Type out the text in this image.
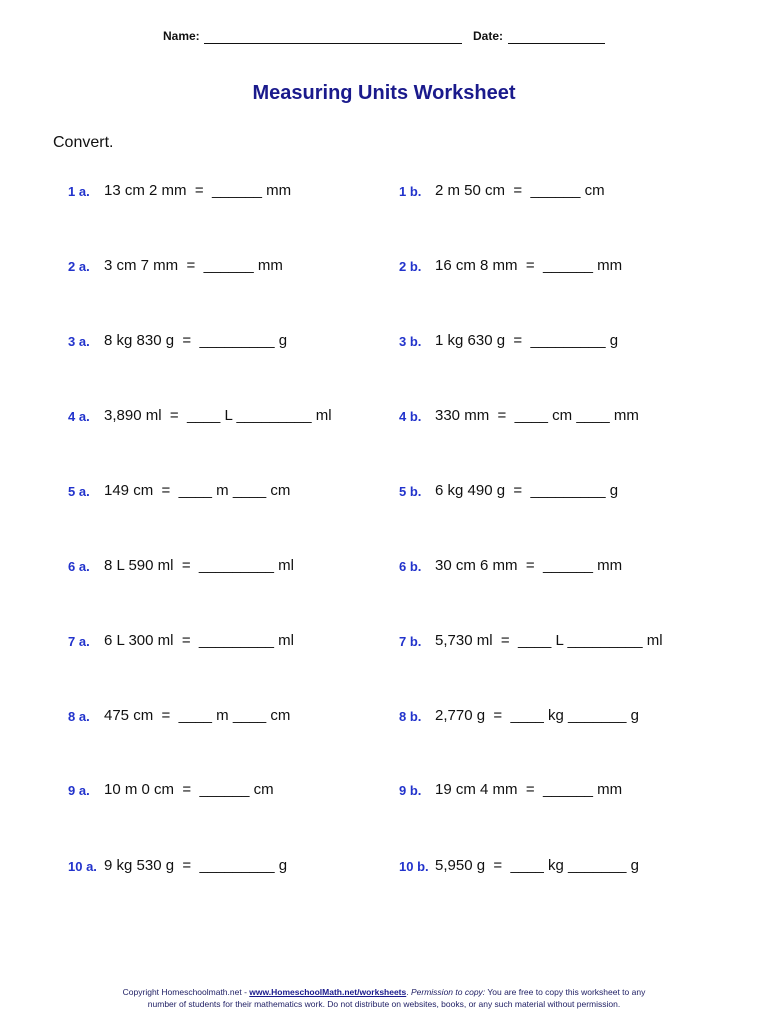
Name:	Date:
Measuring Units Worksheet
Convert.
1 a. 13 cm 2 mm  =  ______ mm	1 b. 2 m 50 cm  =  ______ cm
2 a. 3 cm 7 mm  =  ______ mm	2 b. 16 cm 8 mm  =  ______ mm
3 a. 8 kg 830 g  =  _________ g	3 b. 1 kg 630 g  =  _________ g
4 a. 3,890 ml  =  ____ L _________ ml	4 b. 330 mm  =  ____ cm ____ mm
5 a. 149 cm  =  ____ m ____ cm	5 b. 6 kg 490 g  =  _________ g
6 a. 8 L 590 ml  =  _________ ml	6 b. 30 cm 6 mm  =  ______ mm
7 a. 6 L 300 ml  =  _________ ml	7 b. 5,730 ml  =  ____ L _________ ml
8 a. 475 cm  =  ____ m ____ cm	8 b. 2,770 g  =  ____ kg _______ g
9 a. 10 m 0 cm  =  ______ cm	9 b. 19 cm 4 mm  =  ______ mm
10 a. 9 kg 530 g  =  _________ g	10 b. 5,950 g  =  ____ kg _______ g
Copyright Homeschoolmath.net - www.HomeschoolMath.net/worksheets. Permission to copy: You are free to copy this worksheet to any
number of students for their mathematics work. Do not distribute on websites, books, or any such material without permission.
